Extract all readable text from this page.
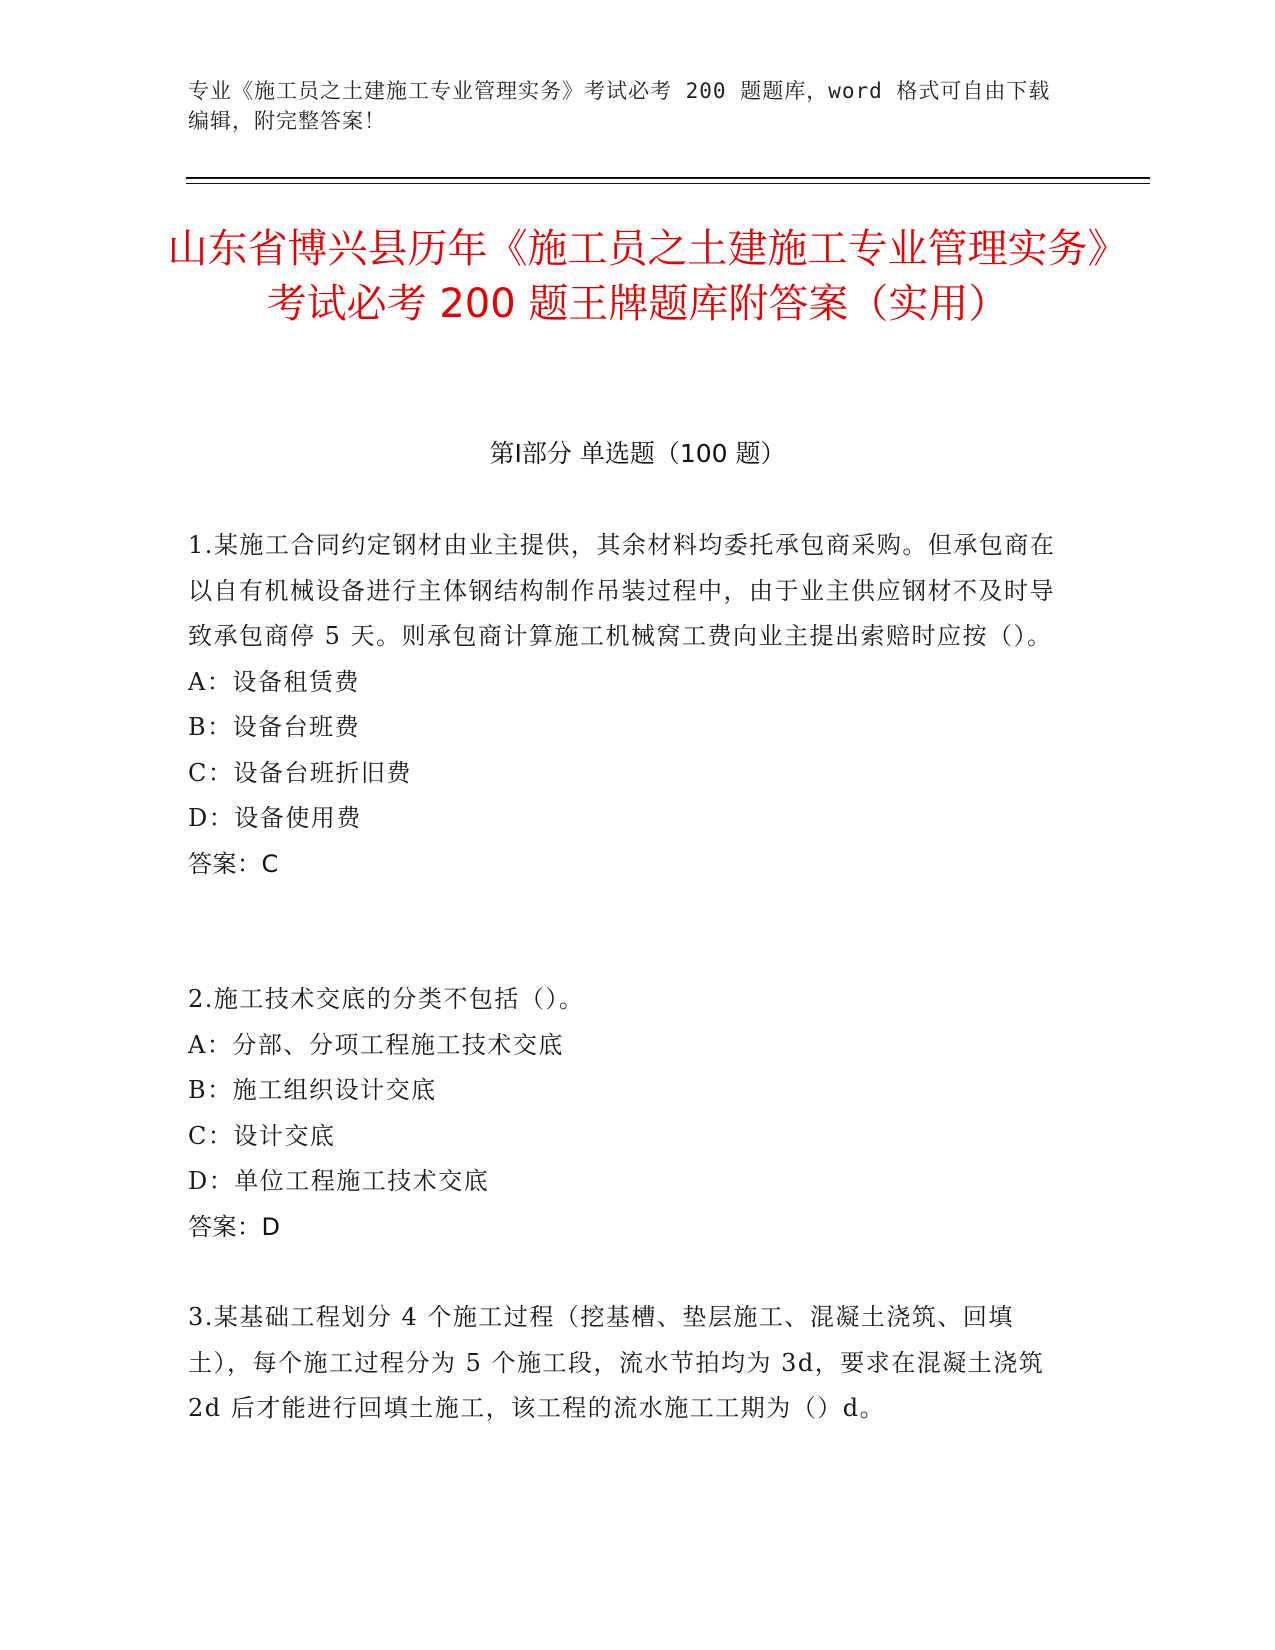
专业《施工员之土建施工专业管理实务》考试必考 200 题题库，word 格式可自由下载编辑，附完整答案！
山东省博兴县历年《施工员之土建施工专业管理实务》考试必考 200 题王牌题库附答案（实用）
第Ⅰ部分 单选题（100 题）
1.某施工合同约定钢材由业主提供，其余材料均委托承包商采购。但承包商在以自有机械设备进行主体钢结构制作吊装过程中，由于业主供应钢材不及时导致承包商停 5 天。则承包商计算施工机械窝工费向业主提出索赔时应按（）。
A：设备租赁费
B：设备台班费
C：设备台班折旧费
D：设备使用费
答案：C
2.施工技术交底的分类不包括（）。
A：分部、分项工程施工技术交底
B：施工组织设计交底
C：设计交底
D：单位工程施工技术交底
答案：D
3.某基础工程划分 4 个施工过程（挖基槽、垫层施工、混凝土浇筑、回填土），每个施工过程分为 5 个施工段，流水节拍均为 3d，要求在混凝土浇筑 2d 后才能进行回填土施工，该工程的流水施工工期为（）d。
